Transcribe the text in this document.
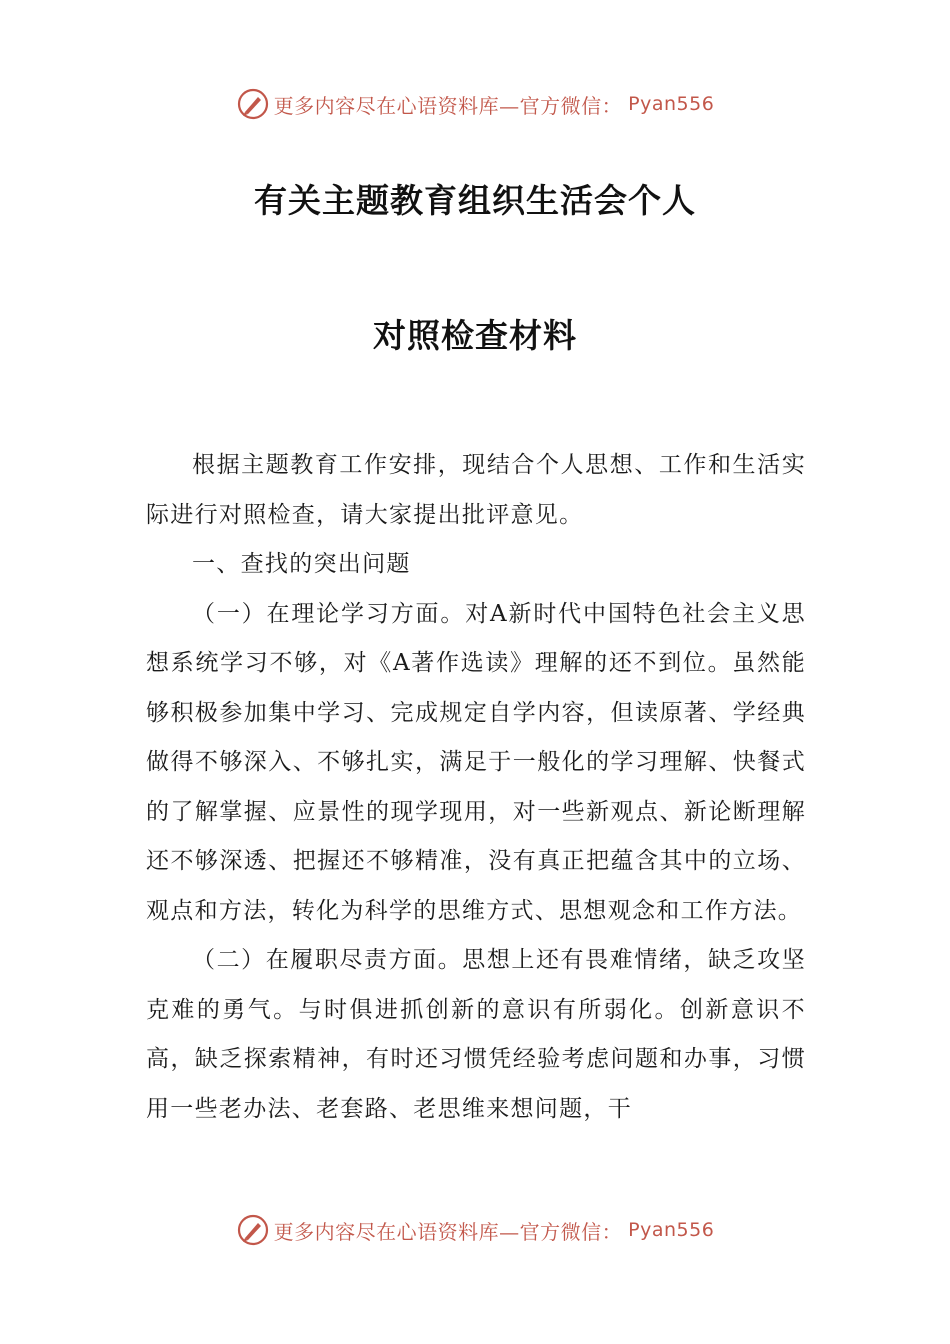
更多内容尽在心语资料库—官方微信： Pyan556
有关主题教育组织生活会个人
对照检查材料

根据主题教育工作安排，现结合个人思想、工作和生活实际进行对照检查，请大家提出批评意见。

一、查找的突出问题

（一）在理论学习方面。对A新时代中国特色社会主义思想系统学习不够，对《A著作选读》理解的还不到位。虽然能够积极参加集中学习、完成规定自学内容，但读原著、学经典做得不够深入、不够扎实，满足于一般化的学习理解、快餐式的了解掌握、应景性的现学现用，对一些新观点、新论断理解还不够深透、把握还不够精准，没有真正把蕴含其中的立场、观点和方法，转化为科学的思维方式、思想观念和工作方法。

（二）在履职尽责方面。思想上还有畏难情绪，缺乏攻坚克难的勇气。与时俱进抓创新的意识有所弱化。创新意识不高，缺乏探索精神，有时还习惯凭经验考虑问题和办事，习惯用一些老办法、老套路、老思维来想问题，干

更多内容尽在心语资料库—官方微信： Pyan556
